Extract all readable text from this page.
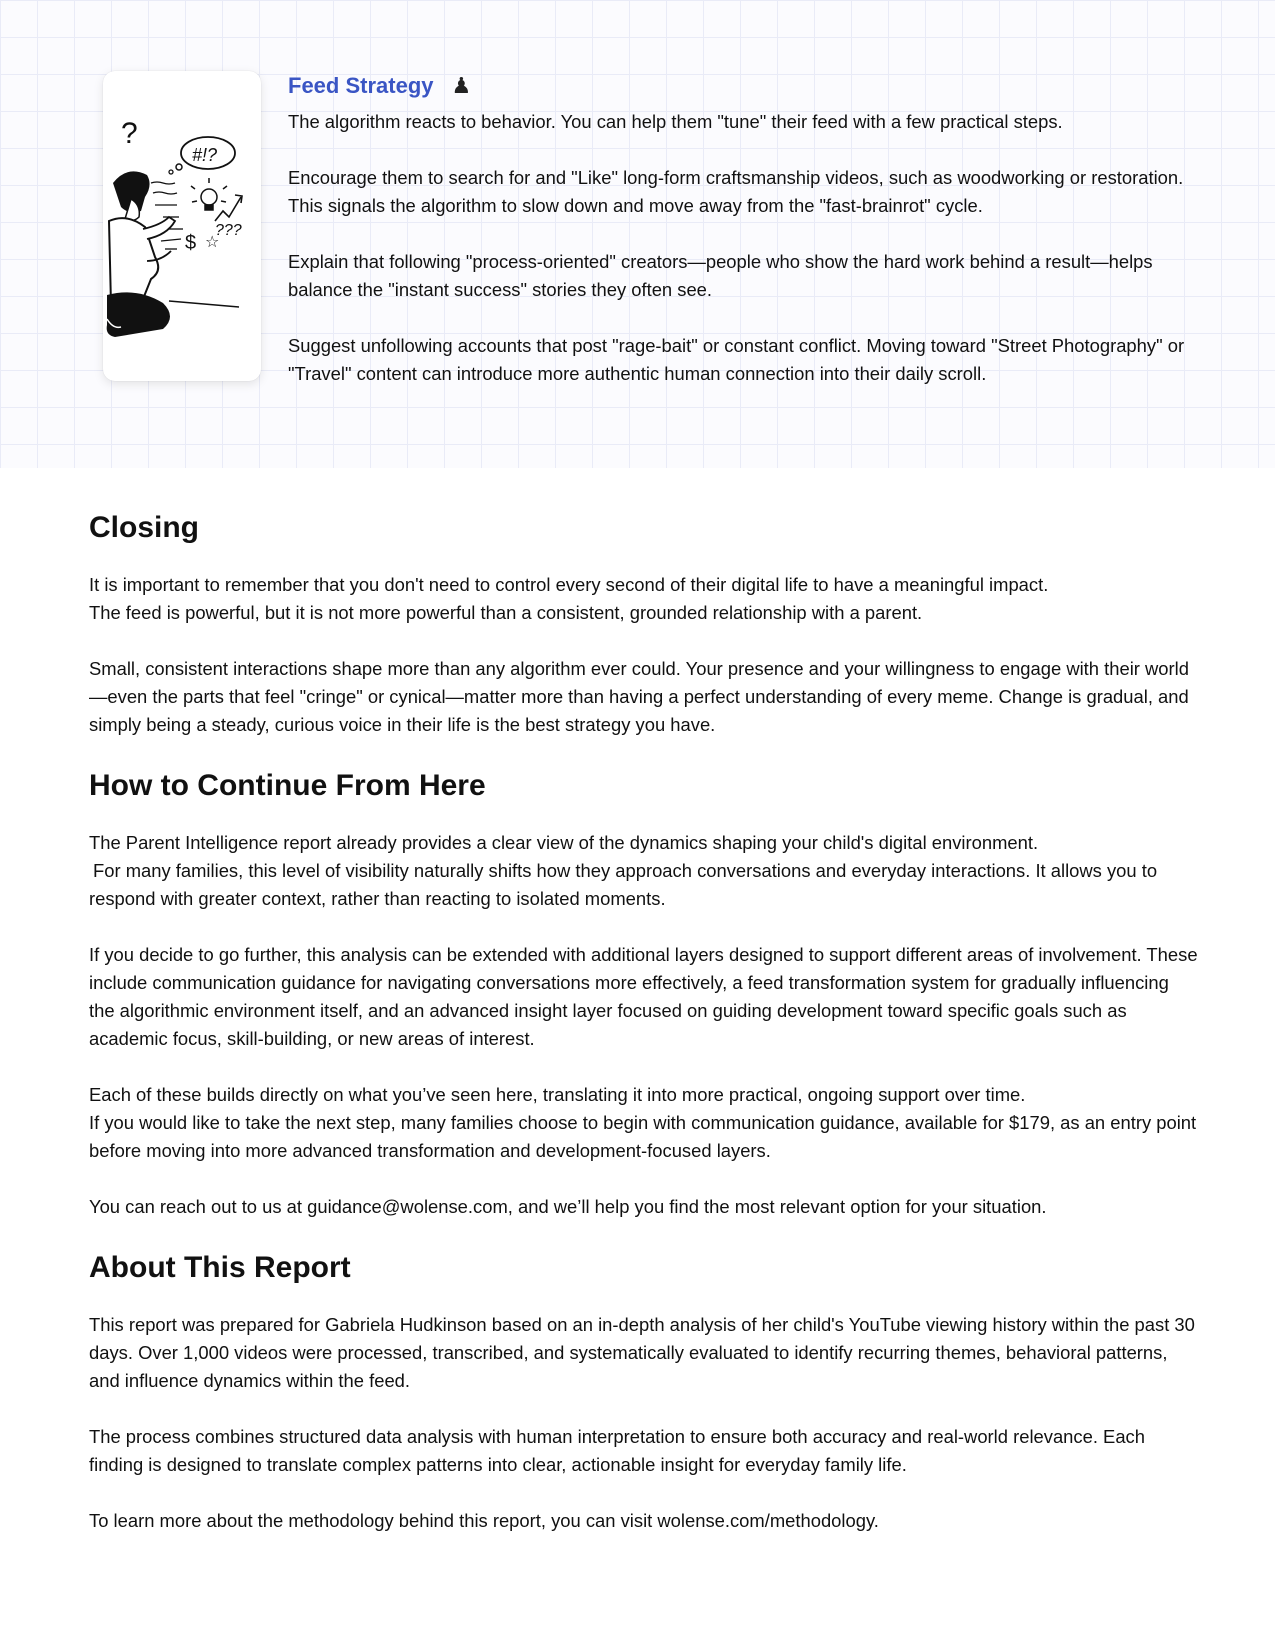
?
#!?
???
$ ☆
Feed Strategy ♟

The algorithm reacts to behavior. You can help them "tune" their feed with a few practical steps.

Encourage them to search for and "Like" long-form craftsmanship videos, such as woodworking or restoration. This signals the algorithm to slow down and move away from the "fast-brainrot" cycle.

Explain that following "process-oriented" creators—people who show the hard work behind a result—helps balance the "instant success" stories they often see.

Suggest unfollowing accounts that post "rage-bait" or constant conflict. Moving toward "Street Photography" or "Travel" content can introduce more authentic human connection into their daily scroll.

Closing

It is important to remember that you don't need to control every second of their digital life to have a meaningful impact.
The feed is powerful, but it is not more powerful than a consistent, grounded relationship with a parent.

Small, consistent interactions shape more than any algorithm ever could. Your presence and your willingness to engage with their world—even the parts that feel "cringe" or cynical—matter more than having a perfect understanding of every meme. Change is gradual, and simply being a steady, curious voice in their life is the best strategy you have.

How to Continue From Here

The Parent Intelligence report already provides a clear view of the dynamics shaping your child's digital environment.
For many families, this level of visibility naturally shifts how they approach conversations and everyday interactions. It allows you to respond with greater context, rather than reacting to isolated moments.

If you decide to go further, this analysis can be extended with additional layers designed to support different areas of involvement. These include communication guidance for navigating conversations more effectively, a feed transformation system for gradually influencing the algorithmic environment itself, and an advanced insight layer focused on guiding development toward specific goals such as academic focus, skill-building, or new areas of interest.

Each of these builds directly on what you’ve seen here, translating it into more practical, ongoing support over time.
If you would like to take the next step, many families choose to begin with communication guidance, available for $179, as an entry point before moving into more advanced transformation and development-focused layers.

You can reach out to us at guidance@wolense.com, and we’ll help you find the most relevant option for your situation.

About This Report

This report was prepared for Gabriela Hudkinson based on an in-depth analysis of her child's YouTube viewing history within the past 30 days. Over 1,000 videos were processed, transcribed, and systematically evaluated to identify recurring themes, behavioral patterns, and influence dynamics within the feed.

The process combines structured data analysis with human interpretation to ensure both accuracy and real-world relevance. Each finding is designed to translate complex patterns into clear, actionable insight for everyday family life.

To learn more about the methodology behind this report, you can visit wolense.com/methodology.
